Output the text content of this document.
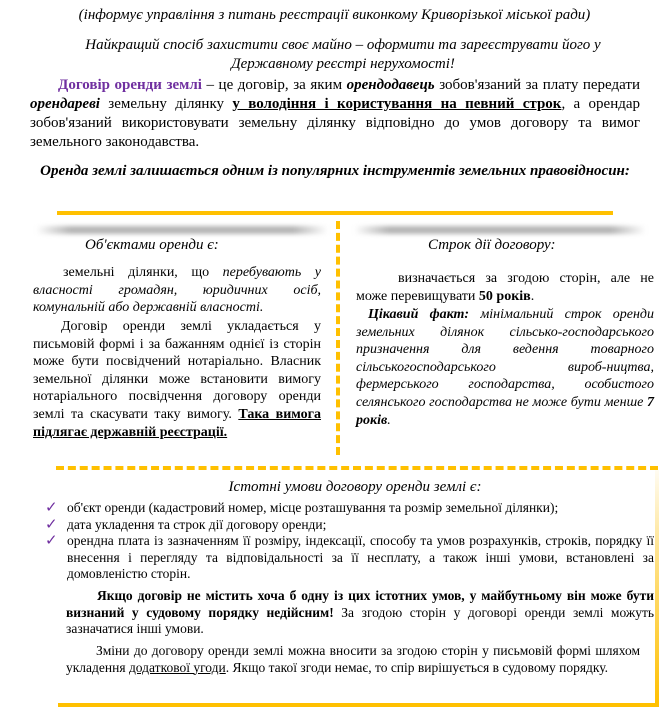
(інформує управління з питань реєстрації виконкому Криворізької міської ради)
Найкращий спосіб захистити своє майно – оформити та зареєструвати його у Державному реєстрі нерухомості!
Договір оренди землі – це договір, за яким орендодавець зобов'язаний за плату передати орендареві земельну ділянку у володіння і користування на певний строк, а орендар зобов'язаний використовувати земельну ділянку відповідно до умов договору та вимог земельного законодавства.
Оренда землі залишається одним із популярних інструментів земельних правовідносин:
Об'єктами оренди є:
земельні ділянки, що перебувають у власності громадян, юридичних осіб, комунальній або державній власності.
Договір оренди землі укладається у письмовій формі і за бажанням однієї із сторін може бути посвідчений нотаріально. Власник земельної ділянки може встановити вимогу нотаріального посвідчення договору оренди землі та скасувати таку вимогу. Така вимога підлягає державній реєстрації.
Строк дії договору:
визначається за згодою сторін, але не може перевищувати 50 років.
Цікавий факт: мінімальний строк оренди земельних ділянок сільсько-господарського призначення для ведення товарного сільськогосподарського вироб-ництва, фермерського господарства, особистого селянського господарства не може бути менше 7 років.
Істотні умови договору оренди землі є:
✓ об'єкт оренди (кадастровий номер, місце розташування та розмір земельної ділянки);
✓ дата укладення та строк дії договору оренди;
✓ орендна плата із зазначенням її розміру, індексації, способу та умов розрахунків, строків, порядку її внесення і перегляду та відповідальності за її несплату, а також інші умови, встановлені за домовленістю сторін.
Якщо договір не містить хоча б одну із цих істотних умов, у майбутньому він може бути визнаний у судовому порядку недійсним! За згодою сторін у договорі оренди землі можуть зазначатися інші умови.
Зміни до договору оренди землі можна вносити за згодою сторін у письмовій формі шляхом укладення додаткової угоди. Якщо такої згоди немає, то спір вирішується в судовому порядку.
